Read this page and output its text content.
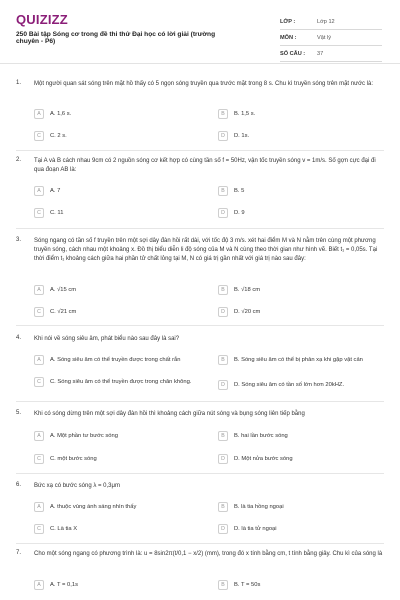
QUIZIZZ
250 Bài tập Sóng cơ trong đề thi thử Đại học có lời giải (trường chuyên - P6)
LỚP :	Lớp 12
MÔN :	Vật lý
SỐ CÂU :	37
1. Một người quan sát sóng trên mặt hồ thấy có 5 ngọn sóng truyền qua trước mặt trong 8 s. Chu kì truyền sóng trên mặt nước là:
A	A. 1,6 s.	B	B. 1,5 s.
C	C. 2 s.	D	D. 1s.
2. Tại A và B cách nhau 9cm có 2 nguồn sóng cơ kết hợp có cùng tần số f = 50Hz, vận tốc truyền sóng v = 1m/s. Số gợn cực đại đi qua đoạn AB là:
A	A. 7	B	B. 5
C	C. 11	D	D. 9
3. Sóng ngang có tần số f truyền trên một sợi dây đàn hồi rất dài, với tốc độ 3 m/s. xét hai điểm M và N nằm trên cùng một phương truyền sóng, cách nhau một khoảng x. Đồ thị biểu diễn li độ sóng của M và N cùng theo thời gian như hình vẽ. Biết t₁ = 0,05s. Tại thời điểm t₁ khoảng cách giữa hai phần tử chất lỏng tại M, N có giá trị gần nhất với giá trị nào sau đây:
A	A. √15 cm	B	B. √18 cm
C	C. √21 cm	D	D. √20 cm
4. Khi nói về sóng siêu âm, phát biểu nào sau đây là sai?
A	A. Sóng siêu âm có thể truyền được trong chất rắn	B	B. Sóng siêu âm có thể bị phản xạ khi gặp vật cản
C	C. Sóng siêu âm có thể truyền được trong chân không.	D	D. Sóng siêu âm có tần số lớn hơn 20kHZ.
5. Khi có sóng dừng trên một sợi dây đàn hồi thì khoảng cách giữa nút sóng và bụng sóng liên tiếp bằng
A	A. Một phần tư bước sóng	B	B. hai lần bước sóng
C	C. một bước sóng	D	D. Một nửa bước sóng
6. Bức xạ có bước sóng λ = 0,3μm
A	A. thuộc vùng ánh sáng nhìn thấy	B	B. là tia hồng ngoại
C	C. Là tia X	D	D. là tia tử ngoại
7. Cho một sóng ngang có phương trình là: u = 8sin2π(t/0,1 − x/2) (mm), trong đó x tính bằng cm, t tính bằng giây. Chu kì của sóng là
A	A. T = 0,1s	B	B. T = 50s
